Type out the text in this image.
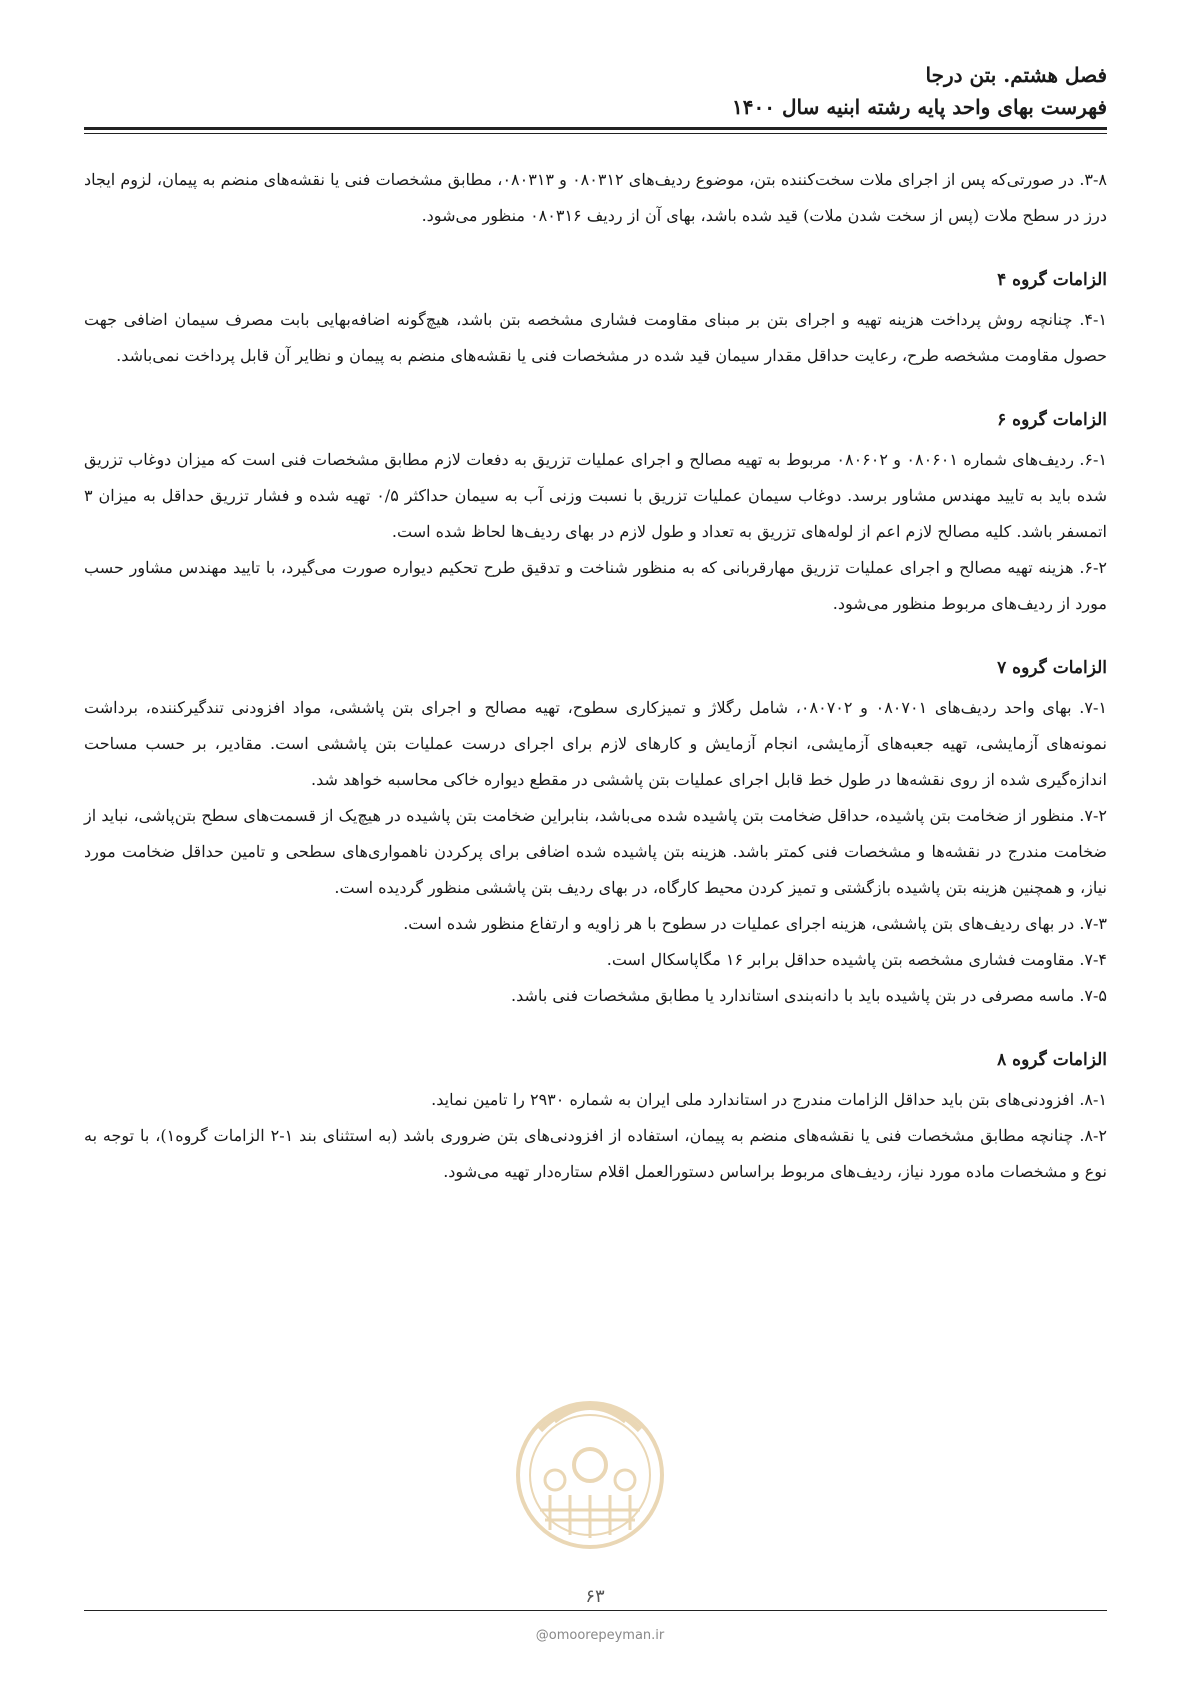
فصل هشتم. بتن درجا
فهرست بهای واحد پایه رشته ابنیه سال ۱۴۰۰

۳-۸. در صورتی‌که پس از اجرای ملات سخت‌کننده بتن، موضوع ردیف‌های ۰۸۰۳۱۲ و ۰۸۰۳۱۳، مطابق مشخصات فنی یا نقشه‌های منضم به پیمان، لزوم ایجاد درز در سطح ملات (پس از سخت شدن ملات) قید شده باشد، بهای آن از ردیف ۰۸۰۳۱۶ منظور می‌شود.

الزامات گروه ۴

۴-۱. چنانچه روش پرداخت هزینه تهیه و اجرای بتن بر مبنای مقاومت فشاری مشخصه بتن باشد، هیچ‌گونه اضافه‌بهایی بابت مصرف سیمان اضافی جهت حصول مقاومت مشخصه طرح، رعایت حداقل مقدار سیمان قید شده در مشخصات فنی یا نقشه‌های منضم به پیمان و نظایر آن قابل پرداخت نمی‌باشد.

الزامات گروه ۶

۶-۱. ردیف‌های شماره ۰۸۰۶۰۱ و ۰۸۰۶۰۲ مربوط به تهیه مصالح و اجرای عملیات تزریق به دفعات لازم مطابق مشخصات فنی است که میزان دوغاب تزریق شده باید به تایید مهندس مشاور برسد. دوغاب سیمان عملیات تزریق با نسبت وزنی آب به سیمان حداکثر ۰/۵ تهیه شده و فشار تزریق حداقل به میزان ۳ اتمسفر باشد. کلیه مصالح لازم اعم از لوله‌های تزریق به تعداد و طول لازم در بهای ردیف‌ها لحاظ شده است.

۶-۲. هزینه تهیه مصالح و اجرای عملیات تزریق مهارقربانی که به منظور شناخت و تدقیق طرح تحکیم دیواره صورت می‌گیرد، با تایید مهندس مشاور حسب مورد از ردیف‌های مربوط منظور می‌شود.

الزامات گروه ۷

۷-۱. بهای واحد ردیف‌های ۰۸۰۷۰۱ و ۰۸۰۷۰۲، شامل رگلاژ و تمیزکاری سطوح، تهیه مصالح و اجرای بتن پاششی، مواد افزودنی تندگیرکننده، برداشت نمونه‌های آزمایشی، تهیه جعبه‌های آزمایشی، انجام آزمایش و کارهای لازم برای اجرای درست عملیات بتن پاششی است. مقادیر، بر حسب مساحت اندازه‌گیری شده از روی نقشه‌ها در طول خط قابل اجرای عملیات بتن پاششی در مقطع دیواره خاکی محاسبه خواهد شد.

۷-۲. منظور از ضخامت بتن پاشیده، حداقل ضخامت بتن پاشیده شده می‌باشد، بنابراین ضخامت بتن پاشیده در هیچ‌یک از قسمت‌های سطح بتن‌پاشی، نباید از ضخامت مندرج در نقشه‌ها و مشخصات فنی کمتر باشد. هزینه بتن پاشیده شده اضافی برای پرکردن ناهمواری‌های سطحی و تامین حداقل ضخامت مورد نیاز، و همچنین هزینه بتن پاشیده بازگشتی و تمیز کردن محیط کارگاه، در بهای ردیف بتن پاششی منظور گردیده است.

۷-۳. در بهای ردیف‌های بتن پاششی، هزینه اجرای عملیات در سطوح با هر زاویه و ارتفاع منظور شده است.

۷-۴. مقاومت فشاری مشخصه بتن پاشیده حداقل برابر ۱۶ مگاپاسکال است.

۷-۵. ماسه مصرفی در بتن پاشیده باید با دانه‌بندی استاندارد یا مطابق مشخصات فنی باشد.

الزامات گروه ۸

۸-۱. افزودنی‌های بتن باید حداقل الزامات مندرج در استاندارد ملی ایران به شماره ۲۹۳۰ را تامین نماید.

۸-۲. چنانچه مطابق مشخصات فنی یا نقشه‌های منضم به پیمان، استفاده از افزودنی‌های بتن ضروری باشد (به استثنای بند ۱-۲ الزامات گروه۱)، با توجه به نوع و مشخصات ماده مورد نیاز، ردیف‌های مربوط براساس دستورالعمل اقلام ستاره‌دار تهیه می‌شود.

۶۳
@omoorepeyman.ir
